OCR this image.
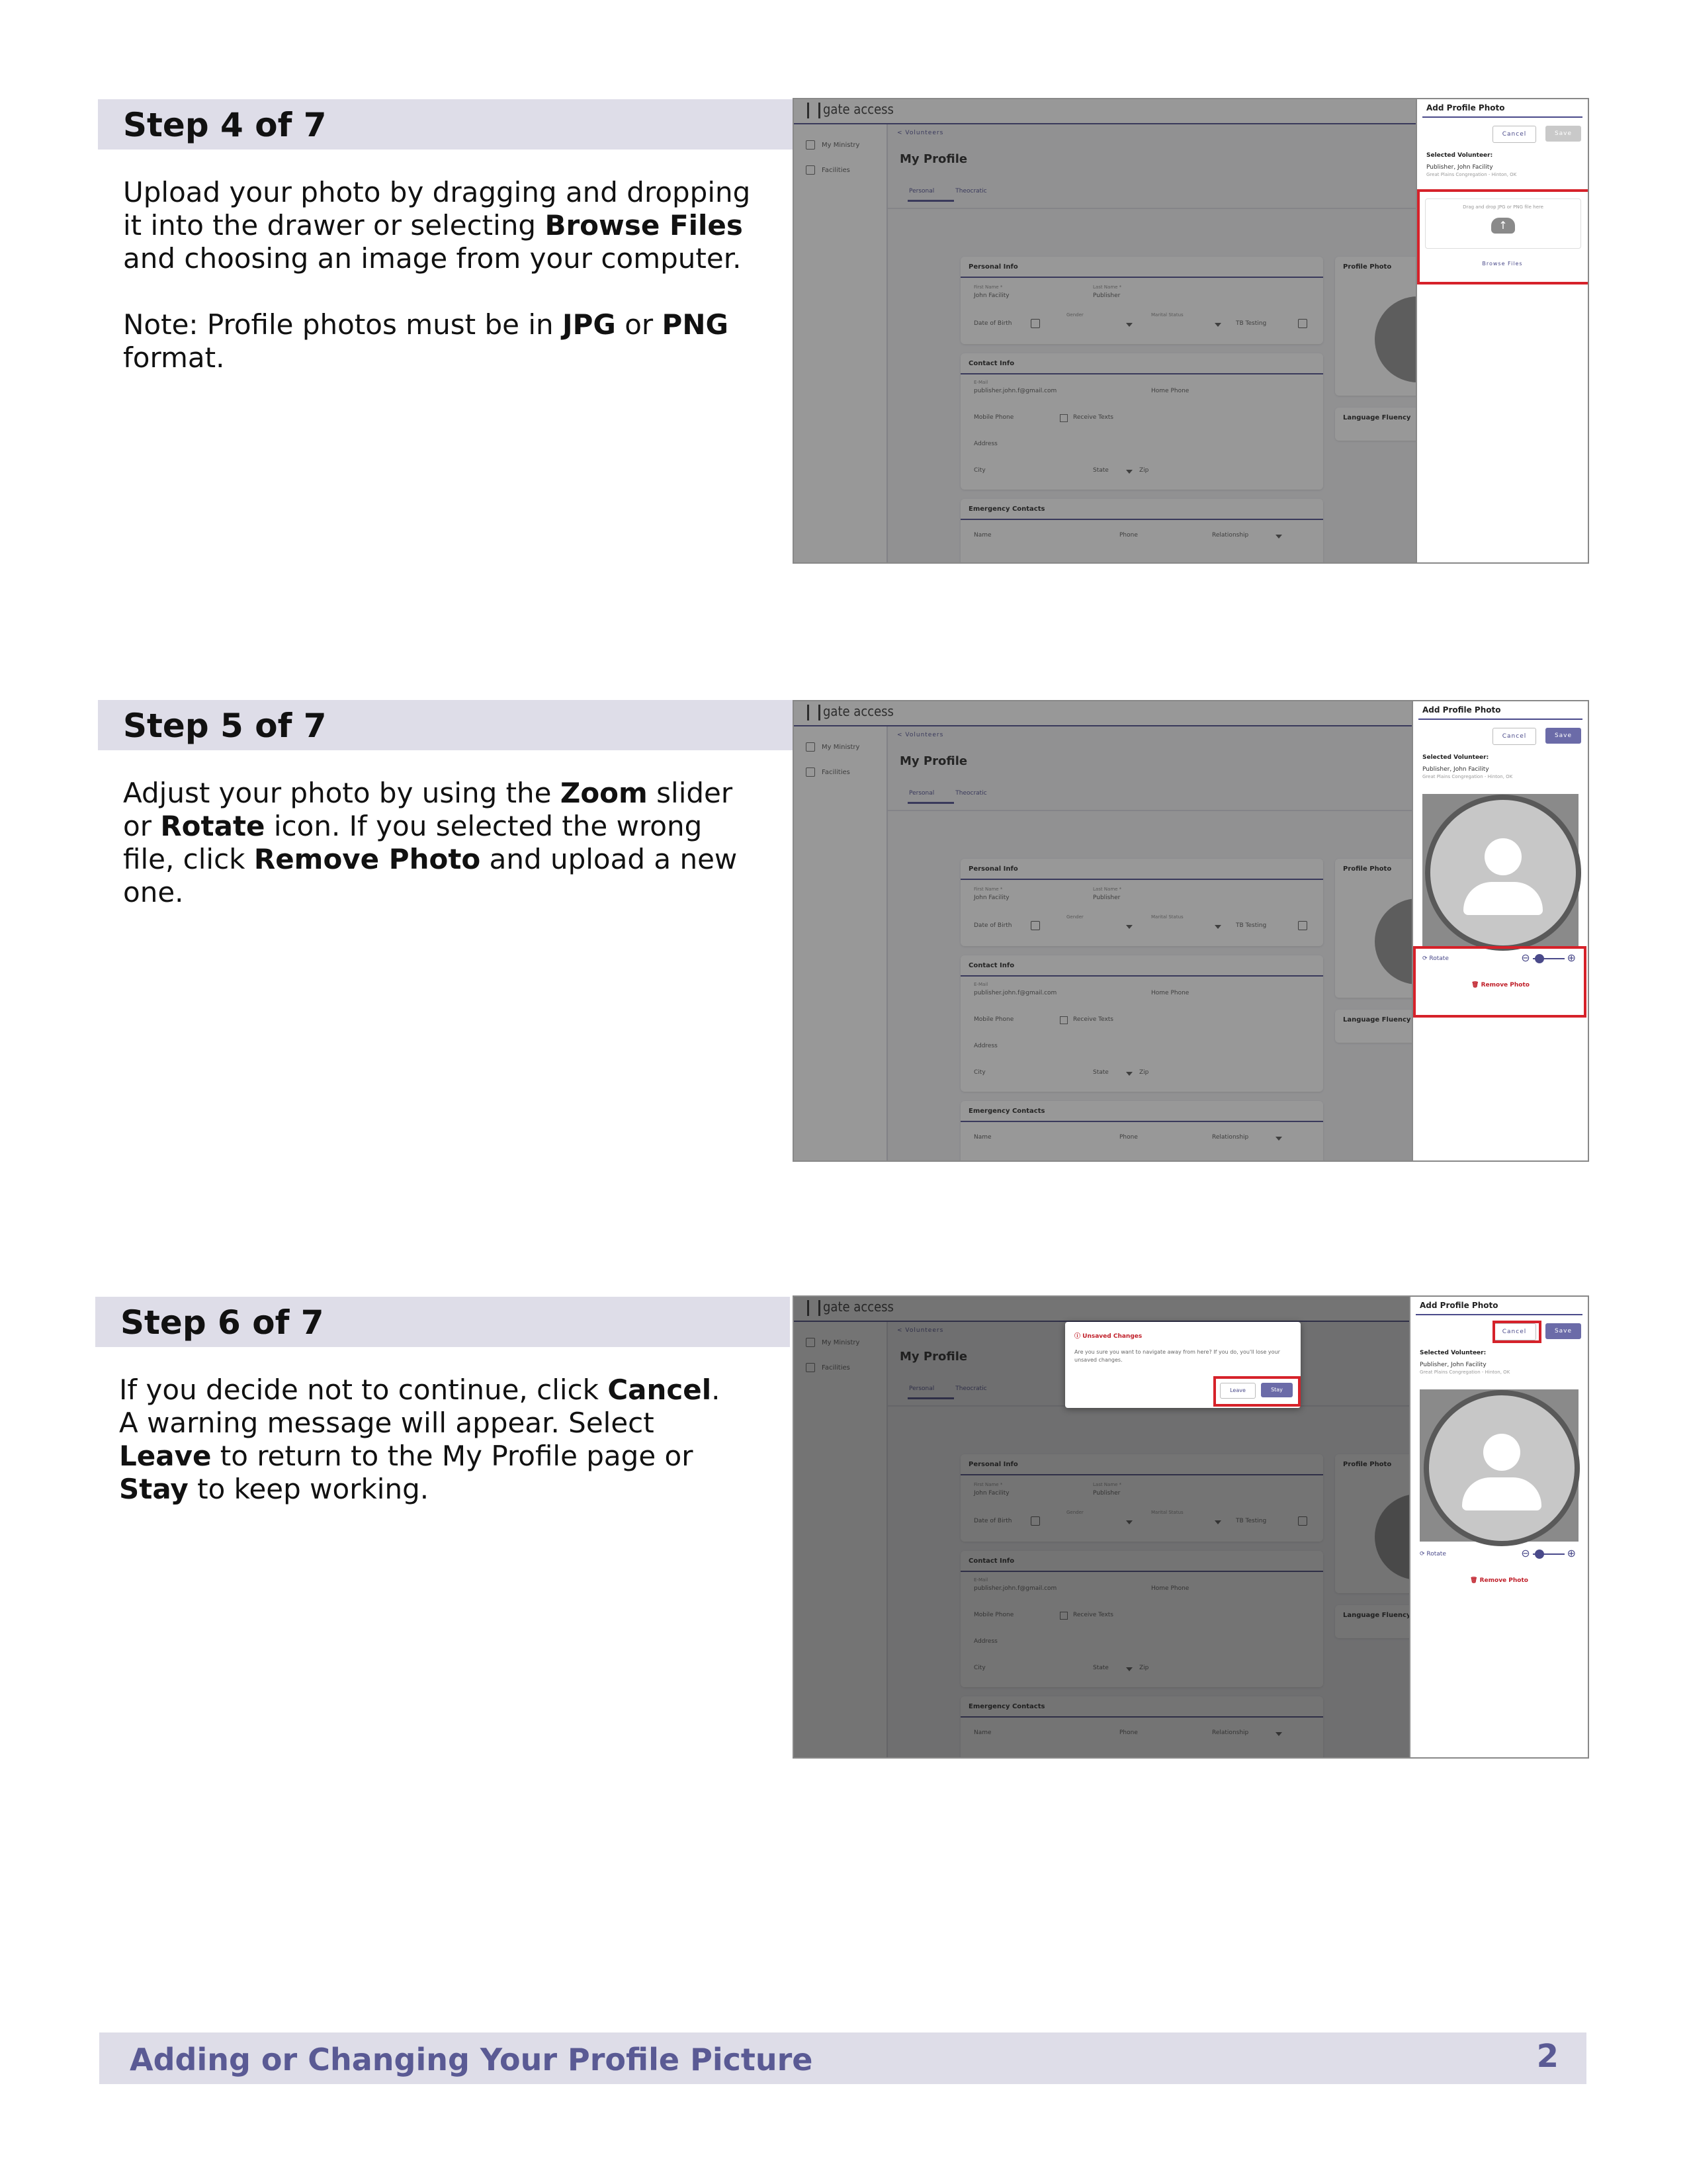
Step 4 of 7

Upload your photo by dragging and dropping it into the drawer or selecting Browse Files and choosing an image from your computer.

Note: Profile photos must be in JPG or PNG format.

gate access
My Ministry
Facilities
< Volunteers
My Profile
Personal	Theocratic
Personal Info
First Name *
John Facility
Last Name *
Publisher
Gender	Marital Status
Date of Birth	TB Testing
Contact Info
E-Mail
publisher.john.f@gmail.com	Home Phone
Mobile Phone	Receive Texts
Address
City	State	Zip
Emergency Contacts
Name	Phone	Relationship
Profile Photo
Language Fluency
Add Profile Photo
Cancel	Save
Selected Volunteer:
Publisher, John Facility
Great Plains Congregation - Hinton, OK
Drag and drop JPG or PNG file here
↑
Browse Files
Step 5 of 7

Adjust your photo by using the Zoom slider or Rotate icon. If you selected the wrong file, click Remove Photo and upload a new one.

gate access
My Ministry
Facilities
< Volunteers
My Profile
Personal	Theocratic
Personal Info
First Name *
John Facility
Last Name *
Publisher
Gender	Marital Status
Date of Birth	TB Testing
Contact Info
E-Mail
publisher.john.f@gmail.com	Home Phone
Mobile Phone	Receive Texts
Address
City	State	Zip
Emergency Contacts
Name	Phone	Relationship
Profile Photo
Language Fluency
Add Profile Photo
Cancel	Save
Selected Volunteer:
Publisher, John Facility
Great Plains Congregation - Hinton, OK
⟳ Rotate	⊖	⊕
🗑 Remove Photo
Step 6 of 7

If you decide not to continue, click Cancel. A warning message will appear. Select Leave to return to the My Profile page or Stay to keep working.

ⓘ Unsaved Changes
Are you sure you want to navigate away from here? If you do, you'll lose your unsaved changes.
Leave	Stay
Add Profile Photo
Cancel	Save
Selected Volunteer:
Publisher, John Facility
Great Plains Congregation - Hinton, OK
⟳ Rotate	⊖	⊕
🗑 Remove Photo
Adding or Changing Your Profile Picture	2
